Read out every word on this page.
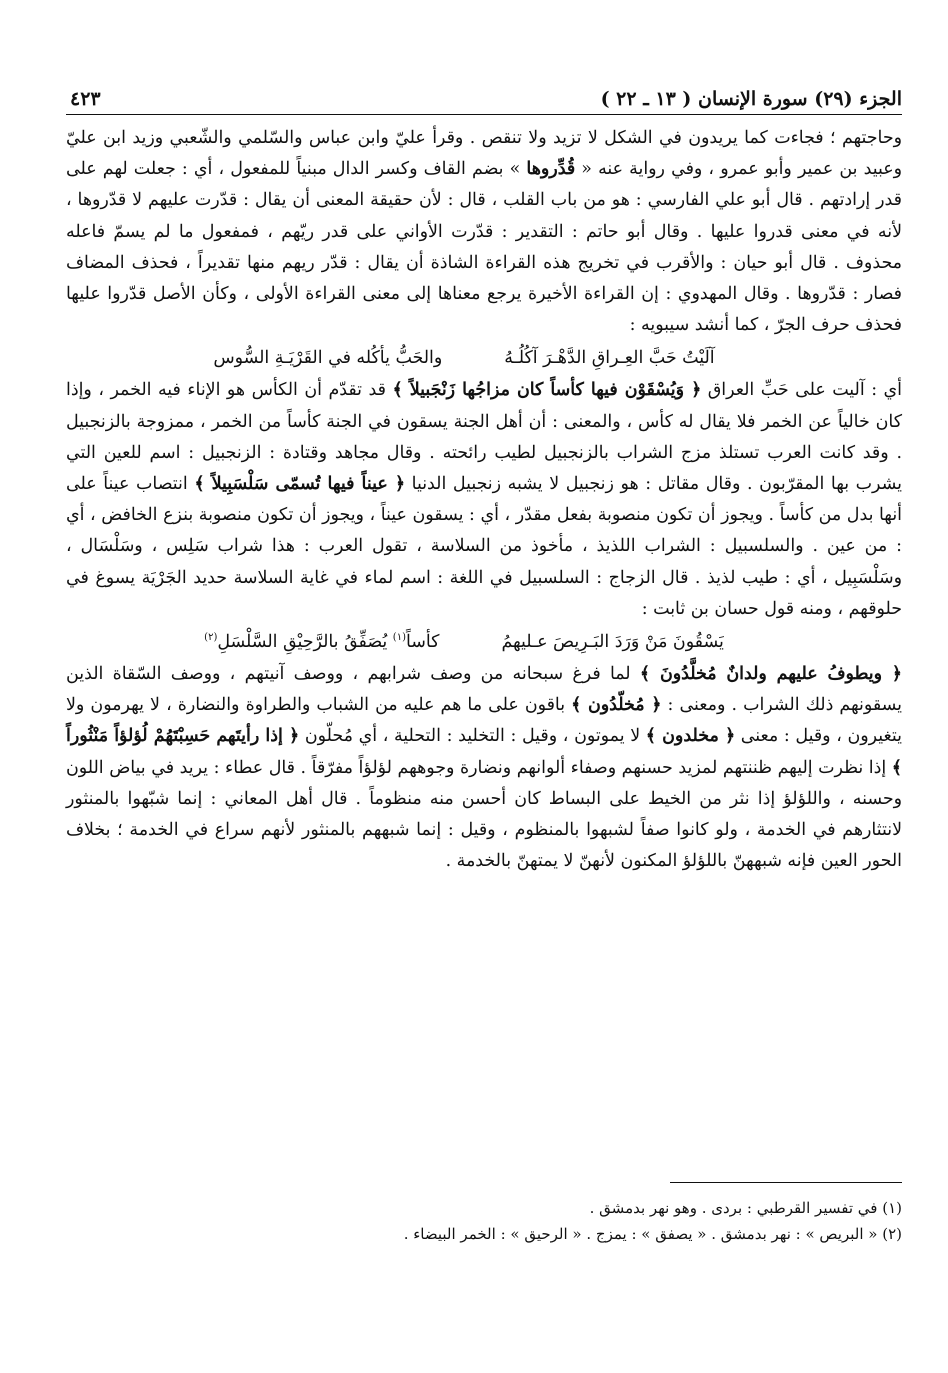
الجزء (٢٩) سورة الإنسان ( ١٣ ـ ٢٢ )
٤٢٣

وحاجتهم ؛ فجاءت كما يريدون في الشكل لا تزيد ولا تنقص . وقرأ عليّ وابن عباس والسّلمي والشّعبي وزيد ابن عليّ وعبيد بن عمير وأبو عمرو ، وفي رواية عنه « قُدِّروها » بضم القاف وكسر الدال مبنياً للمفعول ، أي : جعلت لهم على قدر إرادتهم . قال أبو علي الفارسي : هو من باب القلب ، قال : لأن حقيقة المعنى أن يقال : قدّرت عليهم لا قدّروها ، لأنه في معنى قدروا عليها . وقال أبو حاتم : التقدير : قدّرت الأواني على قدر ريّهم ، فمفعول ما لم يسمّ فاعله محذوف . قال أبو حيان : والأقرب في تخريج هذه القراءة الشاذة أن يقال : قدّر ريهم منها تقديراً ، فحذف المضاف فصار : قدّروها . وقال المهدوي : إن القراءة الأخيرة يرجع معناها إلى معنى القراءة الأولى ، وكأن الأصل قدّروا عليها فحذف حرف الجرّ ، كما أنشد سيبويه :

آلَيْتُ حَبَّ العِـراقِ الدَّهْـرَ آكُلُـهُ
والحَبُّ يأكُله في القَرْيَـةِ السُّوس

أي : آليت على حَبِّ العراق ﴿ وَيُسْقَوْن فيها كأساً كان مزاجُها زَنْجَبيلاً ﴾ قد تقدّم أن الكأس هو الإناء فيه الخمر ، وإذا كان خالياً عن الخمر فلا يقال له كأس ، والمعنى : أن أهل الجنة يسقون في الجنة كأساً من الخمر ، ممزوجة بالزنجبيل . وقد كانت العرب تستلذ مزج الشراب بالزنجبيل لطيب رائحته . وقال مجاهد وقتادة : الزنجبيل : اسم للعين التي يشرب بها المقرّبون . وقال مقاتل : هو زنجبيل لا يشبه زنجبيل الدنيا ﴿ عيناً فيها تُسمّى سَلْسَبِيلاً ﴾ انتصاب عيناً على أنها بدل من كأساً . ويجوز أن تكون منصوبة بفعل مقدّر ، أي : يسقون عيناً ، ويجوز أن تكون منصوبة بنزع الخافض ، أي : من عين . والسلسبيل : الشراب اللذيذ ، مأخوذ من السلاسة ، تقول العرب : هذا شراب سَلِس ، وسَلْسَال ، وسَلْسَبِيل ، أي : طيب لذيذ . قال الزجاج : السلسبيل في اللغة : اسم لماء في غاية السلاسة حديد الجَرْيَة يسوغ في حلوقهم ، ومنه قول حسان بن ثابت :

يَسْقُونَ مَنْ وَرَدَ البَـرِيصَ عـليهمُ
كأساً$^{(١)}$ يُصَفِّقُ بالرَّحِيْقِ السَّلْسَلِ$^{(٢)}$

﴿ ويطوفُ عليهم ولدانٌ مُخلَّدُونَ ﴾ لما فرغ سبحانه من وصف شرابهم ، ووصف آنيتهم ، ووصف السّقاة الذين يسقونهم ذلك الشراب . ومعنى : ﴿ مُخلّدُون ﴾ باقون على ما هم عليه من الشباب والطراوة والنضارة ، لا يهرمون ولا يتغيرون ، وقيل : معنى ﴿ مخلدون ﴾ لا يموتون ، وقيل : التخليد : التحلية ، أي مُحلّون ﴿ إذا رأيتَهم حَسِبْتَهُمْ لُؤلؤاً مَنْثُوراً ﴾ إذا نظرت إليهم ظننتهم لمزيد حسنهم وصفاء ألوانهم ونضارة وجوههم لؤلؤاً مفرّقاً . قال عطاء : يريد في بياض اللون وحسنه ، واللؤلؤ إذا نثر من الخيط على البساط كان أحسن منه منظوماً . قال أهل المعاني : إنما شبّهوا بالمنثور لانتثارهم في الخدمة ، ولو كانوا صفاً لشبهوا بالمنظوم ، وقيل : إنما شبههم بالمنثور لأنهم سراع في الخدمة ؛ بخلاف الحور العين فإنه شبههنّ باللؤلؤ المكنون لأنهنّ لا يمتهنّ بالخدمة .

(١) في تفسير القرطبي : بردى . وهو نهر بدمشق .

(٢) « البريص » : نهر بدمشق . « يصفق » : يمزج . « الرحيق » : الخمر البيضاء .
